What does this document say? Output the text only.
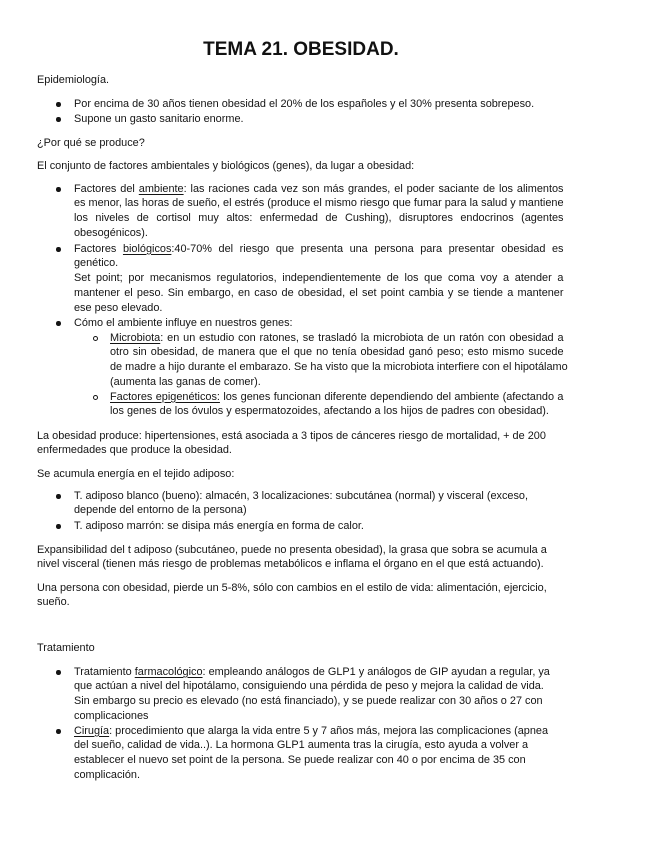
TEMA 21. OBESIDAD.
Epidemiología.
Por encima de 30 años tienen obesidad el 20% de los españoles y el 30% presenta sobrepeso.
Supone un gasto sanitario enorme.
¿Por qué se produce?
El conjunto de factores ambientales y biológicos (genes), da lugar a obesidad:
Factores del ambiente: las raciones cada vez son más grandes, el poder saciante de los alimentos
es menor, las horas de sueño, el estrés (produce el mismo riesgo que fumar para la salud y mantiene
los niveles de cortisol muy altos: enfermedad de Cushing), disruptores endocrinos (agentes
obesogénicos).
Factores biológicos:40-70% del riesgo que presenta una persona para presentar obesidad es
genético.
Set point; por mecanismos regulatorios, independientemente de los que coma voy a atender a
mantener el peso. Sin embargo, en caso de obesidad, el set point cambia y se tiende a mantener
ese peso elevado.
Cómo el ambiente influye en nuestros genes:
Microbiota: en un estudio con ratones, se trasladó la microbiota de un ratón con obesidad a
otro sin obesidad, de manera que el que no tenía obesidad ganó peso; esto mismo sucede
de madre a hijo durante el embarazo. Se ha visto que la microbiota interfiere con el hipotálamo
(aumenta las ganas de comer).
Factores epigenéticos: los genes funcionan diferente dependiendo del ambiente (afectando a
los genes de los óvulos y espermatozoides, afectando a los hijos de padres con obesidad).
La obesidad produce: hipertensiones, está asociada a 3 tipos de cánceres riesgo de mortalidad, + de 200
enfermedades que produce la obesidad.
Se acumula energía en el tejido adiposo:
T. adiposo blanco (bueno): almacén, 3 localizaciones: subcutánea (normal) y visceral (exceso,
depende del entorno de la persona)
T. adiposo marrón: se disipa más energía en forma de calor.
Expansibilidad del t adiposo (subcutáneo, puede no presenta obesidad), la grasa que sobra se acumula a
nivel visceral (tienen más riesgo de problemas metabólicos e inflama el órgano en el que está actuando).
Una persona con obesidad, pierde un 5-8%, sólo con cambios en el estilo de vida: alimentación, ejercicio,
sueño.
Tratamiento
Tratamiento farmacológico: empleando análogos de GLP1 y análogos de GIP ayudan a regular, ya
que actúan a nivel del hipotálamo, consiguiendo una pérdida de peso y mejora la calidad de vida.
Sin embargo su precio es elevado (no está financiado), y se puede realizar con 30 años o 27 con
complicaciones
Cirugía: procedimiento que alarga la vida entre 5 y 7 años más, mejora las complicaciones (apnea
del sueño, calidad de vida..). La hormona GLP1 aumenta tras la cirugía, esto ayuda a volver a
establecer el nuevo set point de la persona. Se puede realizar con 40 o por encima de 35 con
complicación.
